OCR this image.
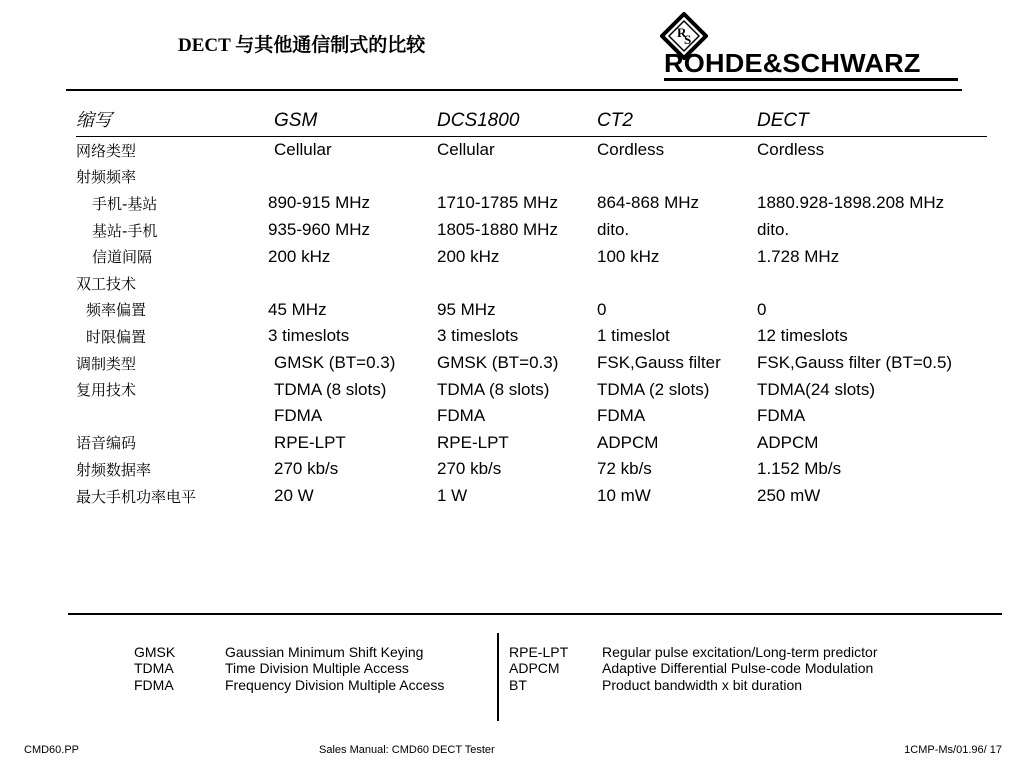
DECT 与其他通信制式的比较
R
S
ROHDE&SCHWARZ
缩写	GSM	DCS1800	CT2	DECT
网络类型	Cellular	Cellular	Cordless	Cordless
射频频率				
手机-基站	890-915 MHz	1710-1785 MHz	864-868 MHz	1880.928-1898.208 MHz
基站-手机	935-960 MHz	1805-1880 MHz	dito.	dito.
信道间隔	200 kHz	200 kHz	100 kHz	1.728 MHz
双工技术				
频率偏置	45 MHz	95 MHz	0	0
时限偏置	3 timeslots	3 timeslots	1 timeslot	12 timeslots
调制类型	GMSK (BT=0.3)	GMSK (BT=0.3)	FSK,Gauss filter	FSK,Gauss filter (BT=0.5)
复用技术	TDMA (8 slots)	TDMA (8 slots)	TDMA (2 slots)	TDMA(24 slots)
	FDMA	FDMA	FDMA	FDMA
语音编码	RPE-LPT	RPE-LPT	ADPCM	ADPCM
射频数据率	270 kb/s	270 kb/s	72 kb/s	1.152 Mb/s
最大手机功率电平	20 W	1 W	10 mW	250 mW
GMSK	Gaussian Minimum Shift Keying
TDMA	Time Division Multiple Access
FDMA	Frequency Division Multiple Access
RPE-LPT	Regular pulse excitation/Long-term predictor
ADPCM	Adaptive Differential Pulse-code Modulation
BT	Product bandwidth x bit duration
CMD60.PP	Sales Manual: CMD60 DECT Tester	1CMP-Ms/01.96/ 17
